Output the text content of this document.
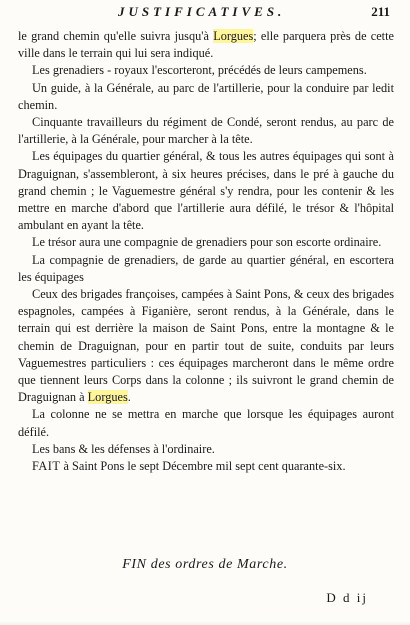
JUSTIFICATIVES.	211

le grand chemin qu'elle suivra jusqu'à Lorgues; elle parquera près de cette ville dans le terrain qui lui sera indiqué.

Les grenadiers - royaux l'escorteront, précédés de leurs campemens.

Un guide, à la Générale, au parc de l'artillerie, pour la conduire par ledit chemin.

Cinquante travailleurs du régiment de Condé, seront rendus, au parc de l'artillerie, à la Générale, pour marcher à la tête.

Les équipages du quartier général, & tous les autres équipages qui sont à Draguignan, s'assembleront, à six heures précises, dans le pré à gauche du grand chemin ; le Vaguemestre général s'y rendra, pour les contenir & les mettre en marche d'abord que l'artillerie aura défilé, le trésor & l'hôpital ambulant en ayant la tête.

Le trésor aura une compagnie de grenadiers pour son escorte ordinaire.

La compagnie de grenadiers, de garde au quartier général, en escortera les équipages

Ceux des brigades françoises, campées à Saint Pons, & ceux des brigades espagnoles, campées à Figanière, seront rendus, à la Générale, dans le terrain qui est derrière la maison de Saint Pons, entre la montagne & le chemin de Draguignan, pour en partir tout de suite, conduits par leurs Vaguemestres particuliers : ces équipages marcheront dans le même ordre que tiennent leurs Corps dans la colonne ; ils suivront le grand chemin de Draguignan à Lorgues.

La colonne ne se mettra en marche que lorsque les équipages auront défilé.

Les bans & les défenses à l'ordinaire.

FAIT à Saint Pons le sept Décembre mil sept cent quarante-six.

FIN des ordres de Marche.
D d ij
